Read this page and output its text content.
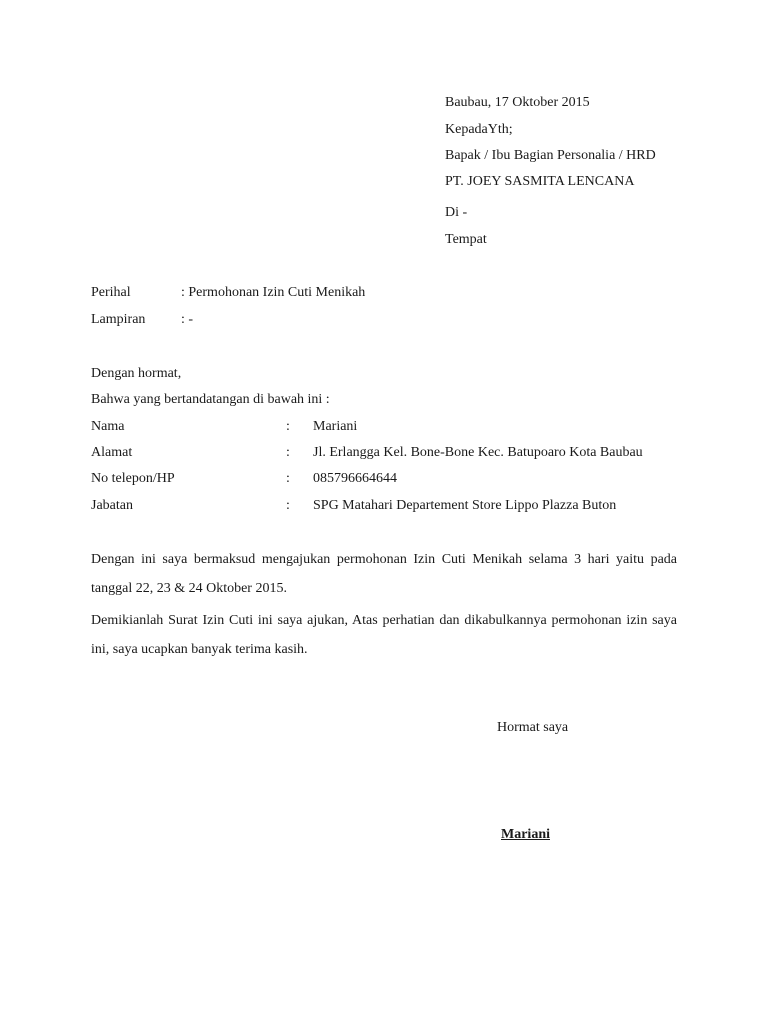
Baubau, 17 Oktober 2015
KepadaYth;
Bapak / Ibu Bagian Personalia / HRD
PT. JOEY SASMITA LENCANA
Di -
Tempat
Perihal	: Permohonan Izin Cuti Menikah
Lampiran	: -
Dengan hormat,
Bahwa yang bertandatangan di bawah ini :
Nama	: Mariani
Alamat	: Jl. Erlangga Kel. Bone-Bone Kec. Batupoaro Kota Baubau
No telepon/HP	: 085796664644
Jabatan	: SPG Matahari Departement Store Lippo Plazza Buton
Dengan ini saya bermaksud mengajukan permohonan Izin Cuti Menikah selama 3 hari yaitu pada tanggal 22, 23 & 24 Oktober 2015.
Demikianlah Surat Izin Cuti ini saya ajukan, Atas perhatian dan dikabulkannya permohonan izin saya ini, saya ucapkan banyak terima kasih.
Hormat saya
Mariani
